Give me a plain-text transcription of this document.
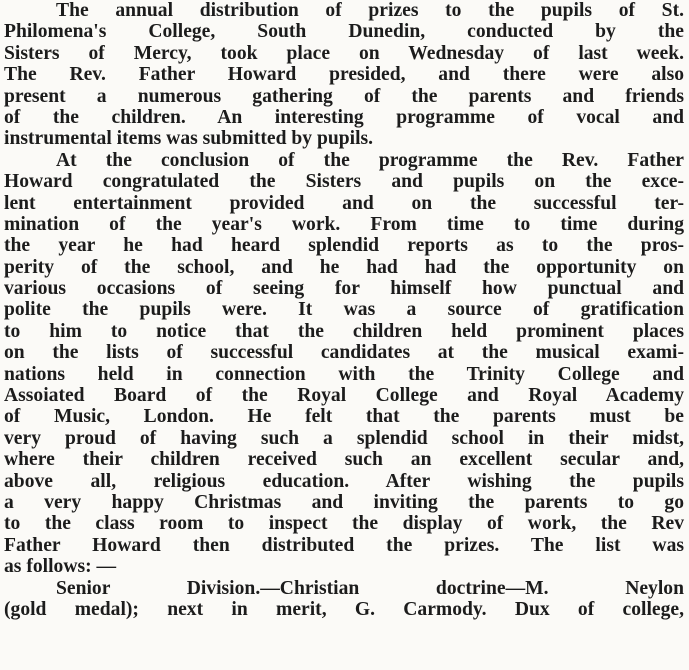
The annual distribution of prizes to the pupils of St.
Philomena's College, South Dunedin, conducted by the
Sisters of Mercy, took place on Wednesday of last week.
The Rev. Father Howard presided, and there were also
present a numerous gathering of the parents and friends
of the children. An interesting programme of vocal and
instrumental items was submitted by pupils.

At the conclusion of the programme the Rev. Father
Howard congratulated the Sisters and pupils on the exce-
lent entertainment provided and on the successful ter-
mination of the year's work. From time to time during
the year he had heard splendid reports as to the pros-
perity of the school, and he had had the opportunity on
various occasions of seeing for himself how punctual and
polite the pupils were. It was a source of gratification
to him to notice that the children held prominent places
on the lists of successful candidates at the musical exami-
nations held in connection with the Trinity College and
Assoiated Board of the Royal College and Royal Academy
of Music, London. He felt that the parents must be
very proud of having such a splendid school in their midst,
where their children received such an excellent secular and,
above all, religious education. After wishing the pupils
a very happy Christmas and inviting the parents to go
to the class room to inspect the display of work, the Rev
Father Howard then distributed the prizes. The list was
as follows: —

Senior Division.—Christian doctrine—M. Neylon
(gold medal); next in merit, G. Carmody. Dux of college,
